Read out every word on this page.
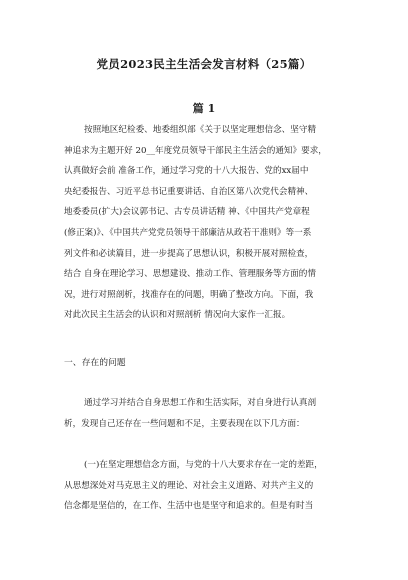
党员2023民主生活会发言材料（25篇）
篇 1
按照地区纪检委、地委组织部《关于以坚定理想信念、坚守精
神追求为主题开好 20__年度党员领导干部民主生活会的通知》要求，
认真做好会前 准备工作，通过学习党的十八大报告、党的xx届中
央纪委报告、习近平总书记重要讲话、自治区第八次党代会精神、
地委委员(扩大)会议郭书记、古专员讲话精 神、《中国共产党章程
(修正案)》、《中国共产党党员领导干部廉洁从政若干准则》等一系
列文件和必读篇目，进一步提高了思想认识，积极开展对照检查，
结合 自身在理论学习、思想建设、推动工作、管理服务等方面的情
况，进行对照剖析，找准存在的问题，明确了整改方向。下面，我
对此次民主生活会的认识和对照剖析 情况向大家作一汇报。
一、存在的问题
通过学习并结合自身思想工作和生活实际，对自身进行认真剖
析，发现自己还存在一些问题和不足，主要表现在以下几方面：
(一)在坚定理想信念方面，与党的十八大要求存在一定的差距，
从思想深处对马克思主义的理论、对社会主义道路、对共产主义的
信念都是坚信的，在工作、生活中也是坚守和追求的。但是有时当
